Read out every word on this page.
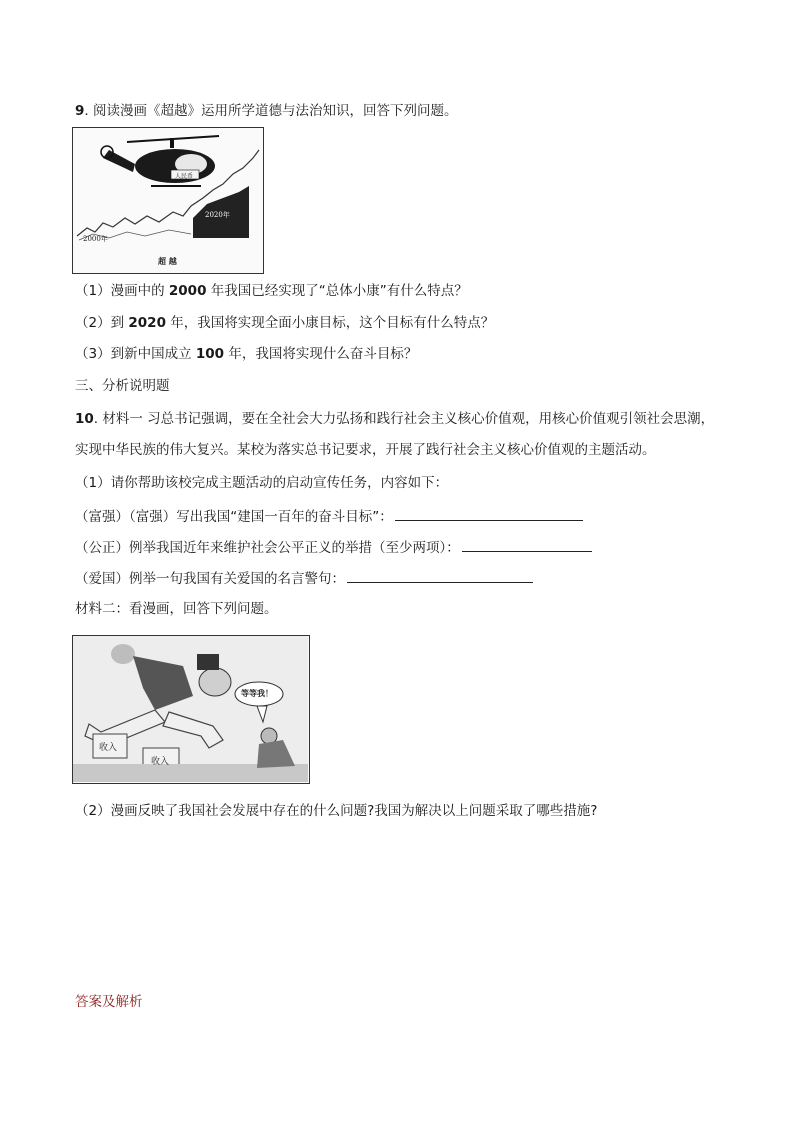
9. 阅读漫画《超越》运用所学道德与法治知识，回答下列问题。
人民币
2020年
2000年
超 越
（1）漫画中的 2000 年我国已经实现了“总体小康”有什么特点？
（2）到 2020 年，我国将实现全面小康目标，这个目标有什么特点？
（3）到新中国成立 100 年，我国将实现什么奋斗目标？
三、分析说明题
10. 材料一 习总书记强调，要在全社会大力弘扬和践行社会主义核心价值观，用核心价值观引领社会思潮，
实现中华民族的伟大复兴。某校为落实总书记要求，开展了践行社会主义核心价值观的主题活动。
（1）请你帮助该校完成主题活动的启动宣传任务，内容如下：
（富强）（富强）写出我国“建国一百年的奋斗目标”：
（公正）例举我国近年来维护社会公平正义的举措（至少两项）：
（爱国）例举一句我国有关爱国的名言警句：
材料二：看漫画，回答下列问题。
等等我！
收入
收入
（2）漫画反映了我国社会发展中存在的什么问题?我国为解决以上问题采取了哪些措施?
答案及解析
